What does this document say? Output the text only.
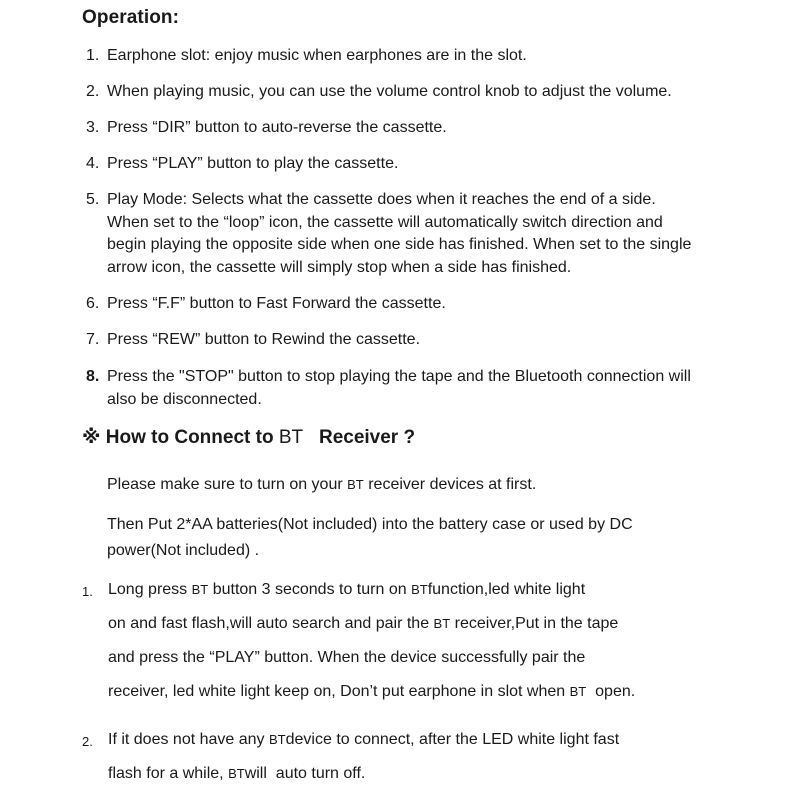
Operation:
1. Earphone slot: enjoy music when earphones are in the slot.
2. When playing music, you can use the volume control knob to adjust the volume.
3. Press “DIR” button to auto-reverse the cassette.
4. Press “PLAY” button to play the cassette.
5. Play Mode: Selects what the cassette does when it reaches the end of a side. When set to the “loop” icon, the cassette will automatically switch direction and begin playing the opposite side when one side has finished. When set to the single arrow icon, the cassette will simply stop when a side has finished.
6. Press “F.F” button to Fast Forward the cassette.
7. Press “REW” button to Rewind the cassette.
8. Press the "STOP" button to stop playing the tape and the Bluetooth connection will also be disconnected.
※ How to Connect to BT Receiver ?
Please make sure to turn on your BT receiver devices at first.
Then Put 2*AA batteries(Not included) into the battery case or used by DC power(Not included) .
1. Long press BT button 3 seconds to turn on BTfunction,led white light
on and fast flash,will auto search and pair the BT receiver,Put in the tape
and press the “PLAY” button. When the device successfully pair the
receiver, led white light keep on, Don’t put earphone in slot when BT open.
2. If it does not have any BTdevice to connect, after the LED white light fast
flash for a while, BTwill auto turn off.
